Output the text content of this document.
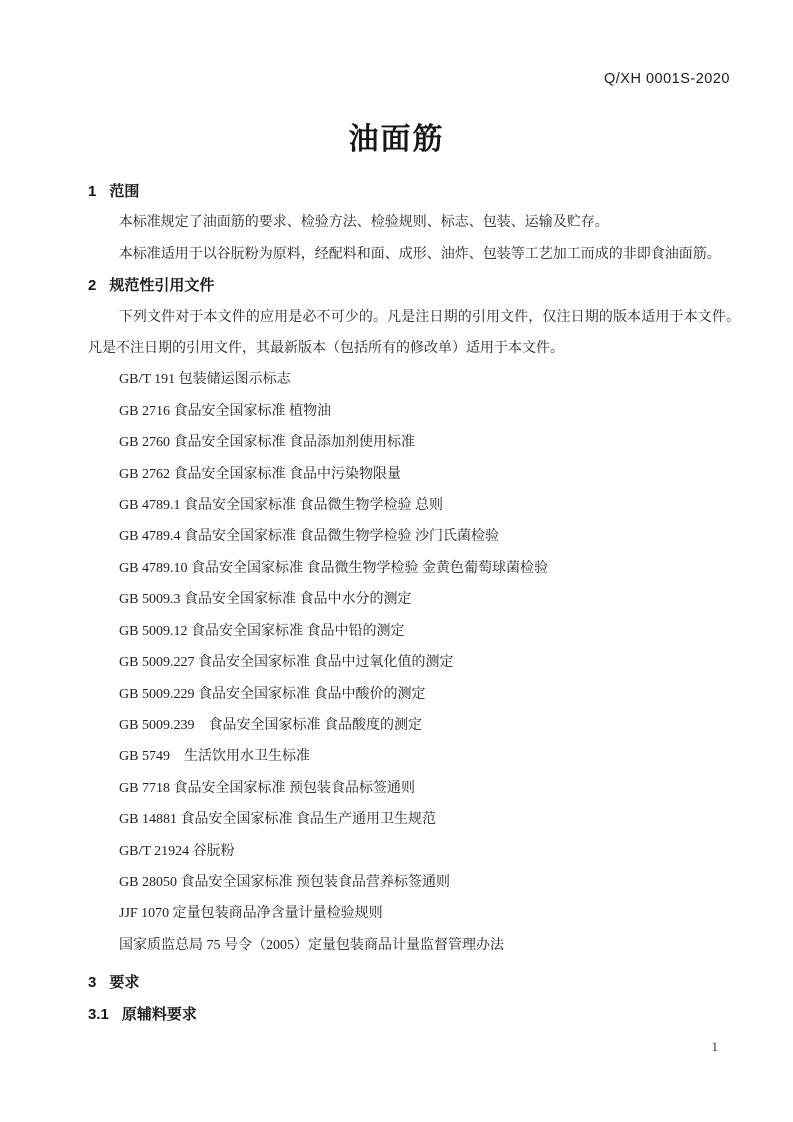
Q/XH 0001S-2020
油面筋
1 范围

本标准规定了油面筋的要求、检验方法、检验规则、标志、包装、运输及贮存。

本标准适用于以谷朊粉为原料，经配料和面、成形、油炸、包装等工艺加工而成的非即食油面筋。

2 规范性引用文件

下列文件对于本文件的应用是必不可少的。凡是注日期的引用文件，仅注日期的版本适用于本文件。凡是不注日期的引用文件，其最新版本（包括所有的修改单）适用于本文件。

GB/T 191 包装储运图示标志
GB 2716 食品安全国家标准 植物油
GB 2760 食品安全国家标准 食品添加剂使用标准
GB 2762 食品安全国家标准 食品中污染物限量
GB 4789.1 食品安全国家标准 食品微生物学检验 总则
GB 4789.4 食品安全国家标准 食品微生物学检验 沙门氏菌检验
GB 4789.10 食品安全国家标准 食品微生物学检验 金黄色葡萄球菌检验
GB 5009.3 食品安全国家标准 食品中水分的测定
GB 5009.12 食品安全国家标准 食品中铅的测定
GB 5009.227 食品安全国家标准 食品中过氧化值的测定
GB 5009.229 食品安全国家标准 食品中酸价的测定
GB 5009.239　食品安全国家标准 食品酸度的测定
GB 5749　生活饮用水卫生标准
GB 7718 食品安全国家标准 预包装食品标签通则
GB 14881 食品安全国家标准 食品生产通用卫生规范
GB/T 21924 谷朊粉
GB 28050 食品安全国家标准 预包装食品营养标签通则
JJF 1070 定量包装商品净含量计量检验规则
国家质监总局 75 号令（2005）定量包装商品计量监督管理办法
3 要求
3.1 原辅料要求
1
